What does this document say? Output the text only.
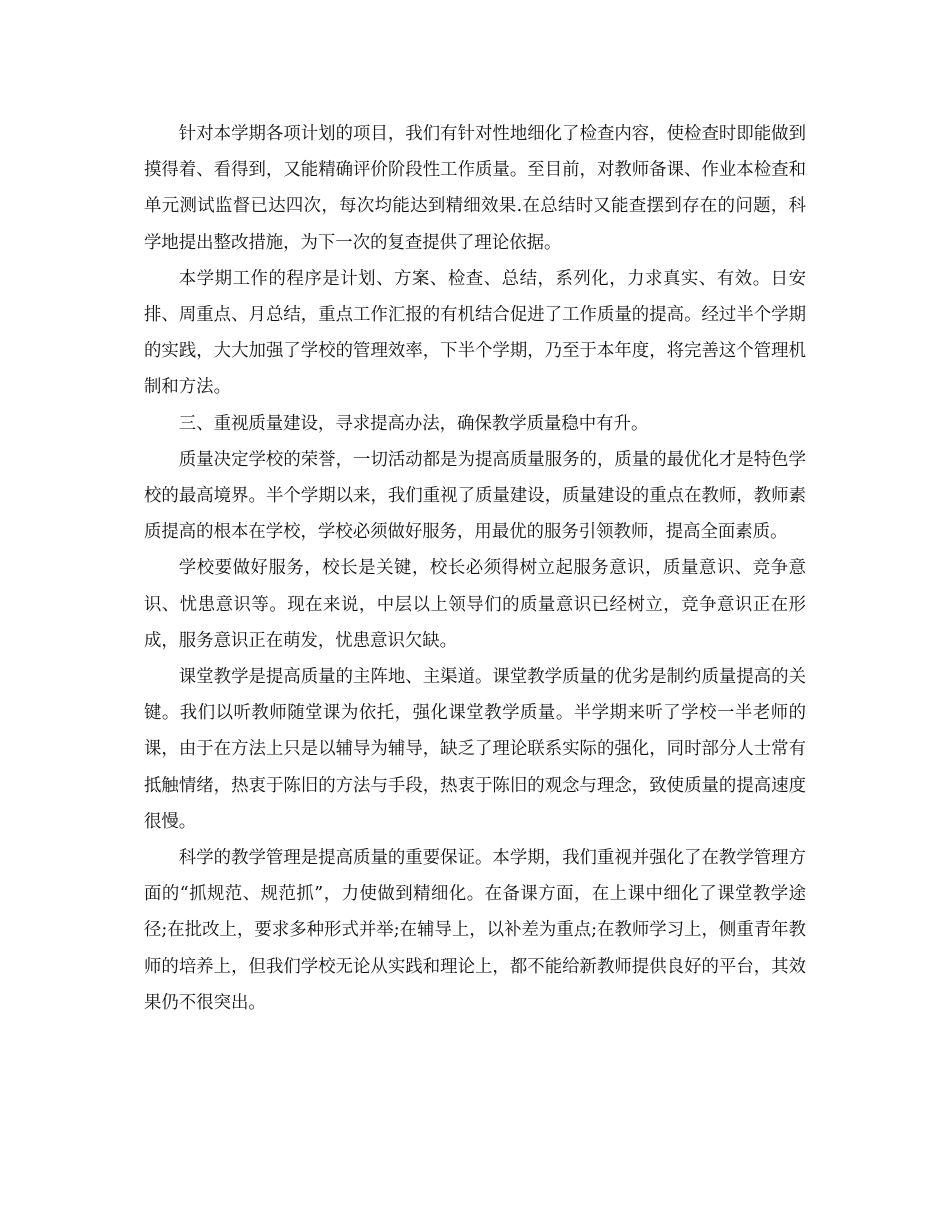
针对本学期各项计划的项目，我们有针对性地细化了检查内容，使检查时即能做到摸得着、看得到，又能精确评价阶段性工作质量。至目前，对教师备课、作业本检查和单元测试监督已达四次，每次均能达到精细效果.在总结时又能查摆到存在的问题，科学地提出整改措施，为下一次的复查提供了理论依据。

本学期工作的程序是计划、方案、检查、总结，系列化，力求真实、有效。日安排、周重点、月总结，重点工作汇报的有机结合促进了工作质量的提高。经过半个学期的实践，大大加强了学校的管理效率，下半个学期，乃至于本年度，将完善这个管理机制和方法。

三、重视质量建设，寻求提高办法，确保教学质量稳中有升。

质量决定学校的荣誉，一切活动都是为提高质量服务的，质量的最优化才是特色学校的最高境界。半个学期以来，我们重视了质量建设，质量建设的重点在教师，教师素质提高的根本在学校，学校必须做好服务，用最优的服务引领教师，提高全面素质。

学校要做好服务，校长是关键，校长必须得树立起服务意识，质量意识、竞争意识、忧患意识等。现在来说，中层以上领导们的质量意识已经树立，竞争意识正在形成，服务意识正在萌发，忧患意识欠缺。

课堂教学是提高质量的主阵地、主渠道。课堂教学质量的优劣是制约质量提高的关键。我们以听教师随堂课为依托，强化课堂教学质量。半学期来听了学校一半老师的课，由于在方法上只是以辅导为辅导，缺乏了理论联系实际的强化，同时部分人士常有抵触情绪，热衷于陈旧的方法与手段，热衷于陈旧的观念与理念，致使质量的提高速度很慢。

科学的教学管理是提高质量的重要保证。本学期，我们重视并强化了在教学管理方面的“抓规范、规范抓”，力使做到精细化。在备课方面，在上课中细化了课堂教学途径;在批改上，要求多种形式并举;在辅导上，以补差为重点;在教师学习上，侧重青年教师的培养上，但我们学校无论从实践和理论上，都不能给新教师提供良好的平台，其效果仍不很突出。
